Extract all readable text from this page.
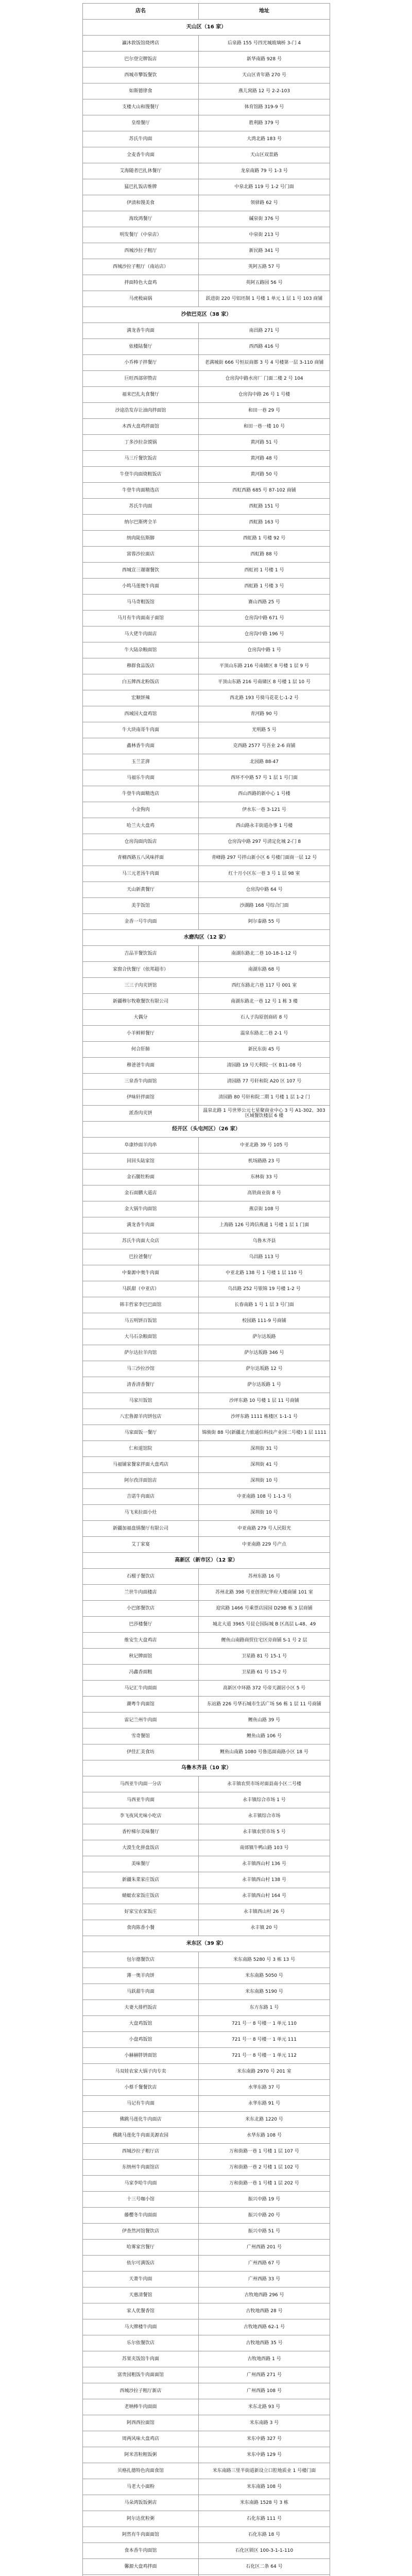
店名	地址
天山区（16 家）	
瀛沐敦饭馆烧烤店	后泉路 155 号四光城玻璃桥 3-门 4
巴尔登完牌饭店	新华南路 928 号
西城市攀饭餐饮	天山区青年路 270 号
如斯德律食	燕儿窝路 12 号 2-2-103
支楼大山和馒餐厅	体育馆路 319-9 号
皇煌餐厅	胜利路 379 号
苏氏牛肉面	大湾北路 183 号
全麦香牛肉面	天山区双景路
艾海随者巴扎休餐厅	龙泉南路 79 号 1-3 号
猛巴扎饭店维牌	中泉北路 119 号 1-2 号门面
伊渍和馒美食	领驿路 62 号
海玫鸿餐厅	碱泉街 376 号
明发餐厅（中泉店）	中泉街 213 号
西城沙拉子粗厅	新民路 341 号
西城沙拉子粗厅（南站店）	英阿五路 57 号
拌面特色大盘鸡	英阿五路园 56 号
马虎极扁锅	跃进街 220 号铝坯制 1 号楼 1 单元 1 层 1 号 103 商铺
沙依巴克区（38 家）	
满龙香牛肉面	南昌路 271 号
依楼陆餐厅	西西路 416 号
小乔棒子拌餐厅	老满城街 666 号恒辰商都 3 号 4 号楼第一层 3-110 商铺
巨旺西部卯赞店	仓房沟中路水房厂 门面二楼 2 号 104
福来巴扎丸食餐厅	仓房沟中路 26 号 1 号楼
沙途浩发存让油肉拌面馆	和田一巷 29 号
木西大盘鸡拌面馆	和田一巷一楼 10 号
丁多沙拉杂馍锅	黄河路 51 号
马三斤餐饮饭店	黄河路 48 号
牛登牛肉面烧粗饭店	黄河路 50 号
牛登牛肉面精选店	西虹西路 685 号 87-102 商铺
苏氏牛肉面	西虹路 151 号
纳尔巴斯烤全羊	西虹路 163 号
纳肉陡伍斯脚	西虹路 1 号楼 92 号
富蓉沙拉面店	西虹路 88 号
西城宣三谢谢餐饮	西虹初 1 号楼 1 号
小鸣马莲便牛肉面	西虹路 1 号楼 3 号
马马奇粗饭馆	赛山西路 25 号
马月有牛肉面南子面馆	仓房沟中路 671 号
马大佬牛肉面店	仓房沟中路 196 号
牛大陆杂粮面馆	仓房沟中路 1 号
穆群食品饭店	平顶山东路 216 号南储区 8 号楼 1 层 9 号
白五牌西北粉饭店	平顶山东路 216 号南储区 8 号楼 1 层 10 号
宏顺饼辣	西北路 193 号骑马花花七-1-2 号
西域国大盘鸡馆	青河路 90 号
牛大块南哥牛肉面	光明路 5 号
鑫林香牛肉面	克西路 2577 号吾业 2-6 商铺
玉兰芷湃	北园路 88-47
马福乐牛肉面	西环不中路 57 号 1 层 1 号门面
牛登牛肉面精选店	西山西路的新中心 1 号楼
小金狗肉	伊水东一巷 3-121 号
哈兰夫大盘鸡	西山路永丰街道办事 1 号楼
仓房沟面肉饭店	仓房沟中路 297 号清定化城 2-门 8
青楠西路五八风味拌面	青峰路 297 号拌山新小区 6 号楼门面商一层 12 号
马三元老汤牛肉面	红十月小区东一巷 3 号 1 层 98 室
天山新黄餐厅	仓房沟中路 64 号
美芋饭馆	沙湖路 168 号综合门面
金香一号牛肉面	阿尔泰路 55 号
水磨沟区（12 家）	
吉品羊餐饮饭店	南湖东路北二巷 10-18-1-12 号
家窗合伙餐厅（依邦超市）	南湖东路 68 号
三三子肉夹饼馆	西红东路北六巷 117 号 001 室
新疆穆尔牧歌餐饮有限公司	南湖东路北一巷 12 号 1 栋 3 楼
大偶分	石人子沟原创商砖 8 号
小羊鲜鲜餐厅	温泉东路北二巷 2-1 号
何合肝肺	新民东街 45 号
穆爸爸牛肉面	清园路 19 号天利院一区 B11-08 号
三泉香牛肉面馆	清园路 77 号轩和院 A20 区 107 号
伊味轩拌面馆	清园路 80 号轩和院二期 1 号楼 1 层 1-2 门
派香肉夹饼	温泉北路 1 号世界公元七星聚商业中心 3 号 A1-302、303 区域餐饮楼层 6 楼
经开区（头屯河区）（26 家）	
阜康炒面羊肉串	中亚北路 39 号 105 号
回回头陆家馆	机场路路 23 号
金石腿牡粉面	东林街 33 号
金石面鹏大道店	高铁商业街 8 号
金大锅牛肉面馆	燕京街 108 号
满龙香牛肉面	上海路 126 号鸿信燕通 1 号楼 1 层 1 门面
苏氏牛肉面大众店	乌鲁木齐县
巴拉爸餐厅	乌昌路 113 号
中秦源中奥牛肉面	中亚北路 138 号 1 号楼 1 层 110 号
马跃甜（中亚店）	乌昌路 252 号银锦 19 号楼 1-2 号
韩丰哲家李巴巴面馆	长春南路 1 号 1 层 3 号门面
马五明饼百饭馆	校园路 111-9 号商铺
大马石杂粮面馆	萨尔达坂路
萨尔达拉羊肉馆	萨尔达坂路 346 号
马三沙拉沙馆	萨尔达坂路 12 号
清香清香餐厅	萨尔达坂路 1 号
马家川饭馆	沙坪东路 10 号楼 1 层 11 号商铺
八宏鲁源羊肉饼包店	沙坪东路 1111 栋楼区 1-1-1 号
马家面饭一餐厅	锦骏街 88 号(新疆北力旅通信科技产业园二号楼) 1 层 1111
仁和道馆院	深圳街 31 号
马福铺家餐家拌面大盘鸡店	深圳街 41 号
阿尔孜洋面馆店	深圳街 10 号
吉诺牛肉面店	中亚南路 108 号 1-1-3 号
马飞来拉面小灶	深圳街 10 号
新疆加福盘锅餐厅有限公司	中亚南路 279 号人民阳光
艾丁家宴	中亚南路 229 号产点
高新区（新市区）（12 家）	
石榴子餐饮店	苏州东路 16 号
兰世牛肉面楼店	苏州北路 398 号亚创世纪华府大楼商铺 101 室
小巴郎餐饮店	迎宾路 1466 号乘票店园园 D29B 栋 3 层商铺
巴莎楼餐厅	城北大道 3965 号昆仑国际城 B 区高层 L-48、49
维安生大盘鸡店	鲤鱼山南路商贸住宅区旁商铺 S-1 号 2 层
秋记牌面馆	卫星路 81 号 15-1 号
冯鑫香面粗	卫星路 61 号 15-2 号
马记汇牛肉面面	高新区中环路 372 号帝天湖居小区 5 号
潮粤牛肉面馆	东站路 226 号华石城市生活广场 S6 栋 1 层 11 号商铺
雷记兰州牛肉面	鲤鱼山路 39 号
雪奇餐馆	鲤鱼山路 106 号
伊佳汇美食坊	鲤鱼山南路 1080 号鲁迅面南路小区 18 号
乌鲁木齐县（10 家）	
马西亚牛肉面一分店	永丰镇农贸市场对面县南小区二号楼
马西亚牛肉面	永丰镇综合市场 1 号
李飞夜风光味小吃店	永丰镇综合市场
香柠梯尔美味餐厅	永丰镇农贸市场 5 号
大漠生化拼盘饭店	南郊镇牛鸭山路 103 号
美味餐厅	永丰镇西山村 136 号
新疆朱菜家庄饭店	永丰镇西山村 138 号
蜻蜓农家饭庄饭店	永丰镇西山村 164 号
好家宝农家饭庄	永丰镇西山村 26 号
食肉陈香小餐	永丰镇 20 号
米东区（39 家）	
包尔德餐饮店	米东南路 5280 号 3 栋 13 号
薄一奥羊肉饼	米东南路 5050 号
马跃甜牛肉面	米东南路 5190 号
夫妻大排档饭店	东方东路 1 号
大盘鸡饭馆	721 号一 8 号楼一 1 单元 110
小盘鸡饭馆	721 号一 8 号楼一 1 单元 111
小赫赫胖饼面馆	721 号一 8 号楼一 1 单元 112
马双娃农家大锅子肉专卖	米东南路 2970 号 201 室
小蔡千餐餐饮店	水华东路 37 号
马记有牛肉面	永华东路 91 号
佛跳马莲化牛肉面店	米东北路 1220 号
佛跳马莲化牛肉面美源农园	水华东路 108 号
西城沙拉子粗厅店	万和街路一巷 1 号楼 1 层 107 号
东纳州牛肉面馆店	万和街路一巷 2 号楼 1 层 102 号
马家李哈牛肉面	万和街路一巷 1 号楼 1 层 202 号
十三号咖小馆	振兴中路 19 号
藤樱冬牛肉面面	振兴中路 20 号
伊查然河馆餐饮店	振兴中路 51 号
哈雾家宫餐厅	广州西路 201 号
依尔可满饭店	广州西路 67 号
天萧牛肉面	广州西路 33 号
天惠清餐馆	古牧地西路 296 号
家人优餐香馆	古牧地西路 28 号
马大牌楼牛肉面	古牧地西路 62-1 号
乐尔依餐饮店	古牧地西路 35 号
苏果夹饭馆牛肉面	古牧地西路 1 号
富贵园粗饭牛肉面面馆	广州西路 271 号
西城沙拉子粗厅新店	广州西路 108 号
老呐棒牛肉面面	米东北路 93 号
阿西西拉面馆	米东南路 3 号
周两风味大盘鸡店	米东中路 327 号
阿米菩粒粗饭粥	米东中路 129 号
贝格扎德特色肉面食馆	米东南路三里半街道新设立口腔地质业 1 号楼门面
马老大小面粉	米东南路 108 号
马朵鸿饭饭粥店	米东南路 1528 号 3 栋
阿尔达优粒粥	石化东路 111 号
阿然有牛肉面面馆	石化东路 18 号
食本香牛肉面馆	石化区锁区 100-3-1-1-110
馨源大盘鸡拌面	石化区二条 64 号
